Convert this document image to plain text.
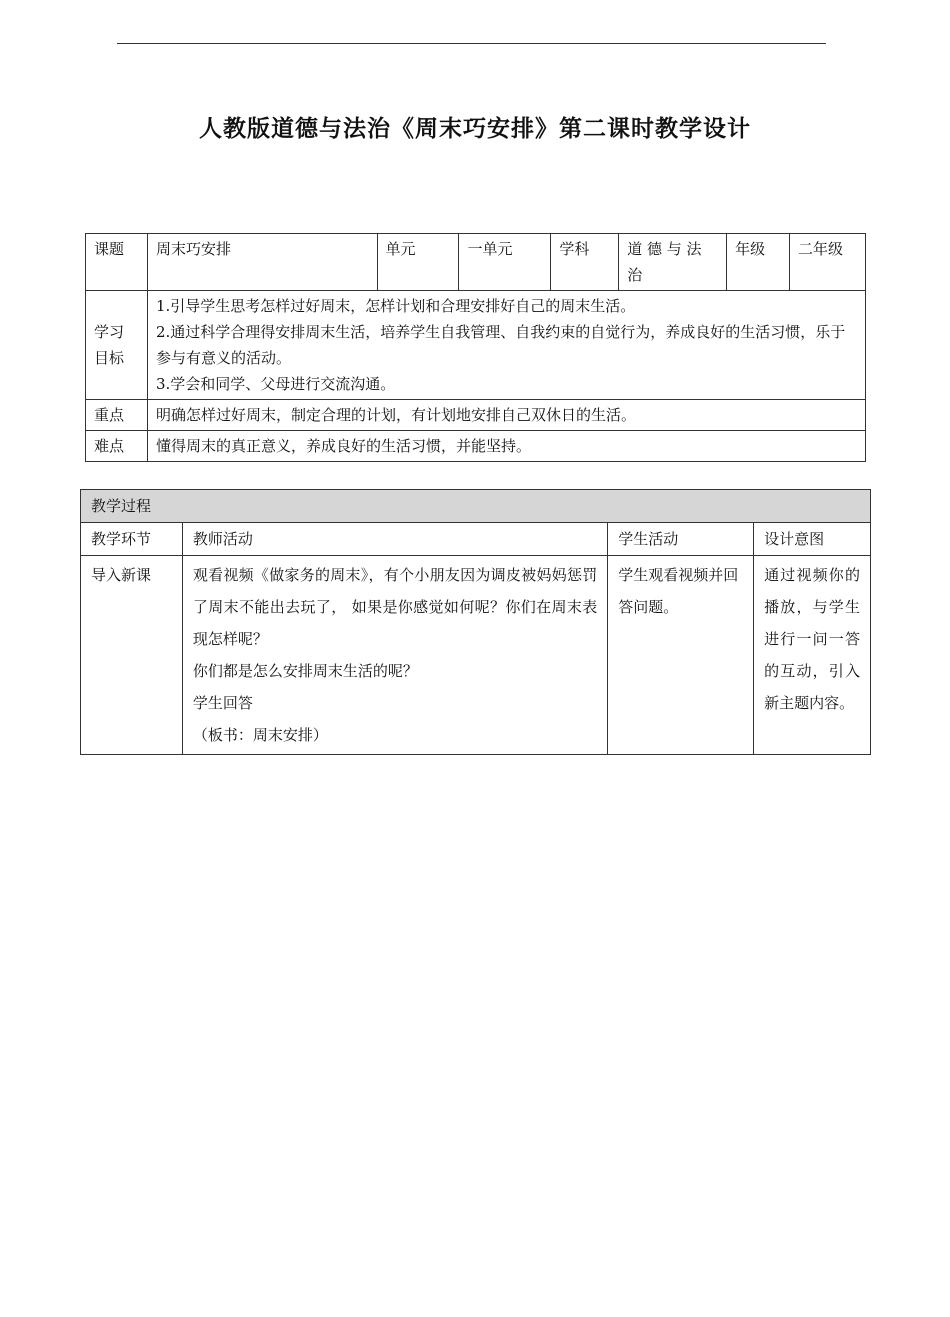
人教版道德与法治《周末巧安排》第二课时教学设计
课题	周末巧安排	单元	一单元	学科	道 德 与 法 治	年级	二年级
学习目标	1.引导学生思考怎样过好周末，怎样计划和合理安排好自己的周末生活。

2.通过科学合理得安排周末生活，培养学生自我管理、自我约束的自觉行为，养成良好的生活习惯，乐于参与有意义的活动。

3.学会和同学、父母进行交流沟通。						

重点	明确怎样过好周末，制定合理的计划，有计划地安排自己双休日的生活。						
难点	懂得周末的真正意义，养成良好的生活习惯，并能坚持。						
教学过程			
教学环节	教师活动	学生活动	设计意图
导入新课	观看视频《做家务的周末》，有个小朋友因为调皮被妈妈惩罚了周末不能出去玩了， 如果是你感觉如何呢？你们在周末表现怎样呢？
你们都是怎么安排周末生活的呢？
学生回答
（板书：周末安排）	学生观看视频并回答问题。	通过视频你的播放，与学生进行一问一答的互动，引入新主题内容。
